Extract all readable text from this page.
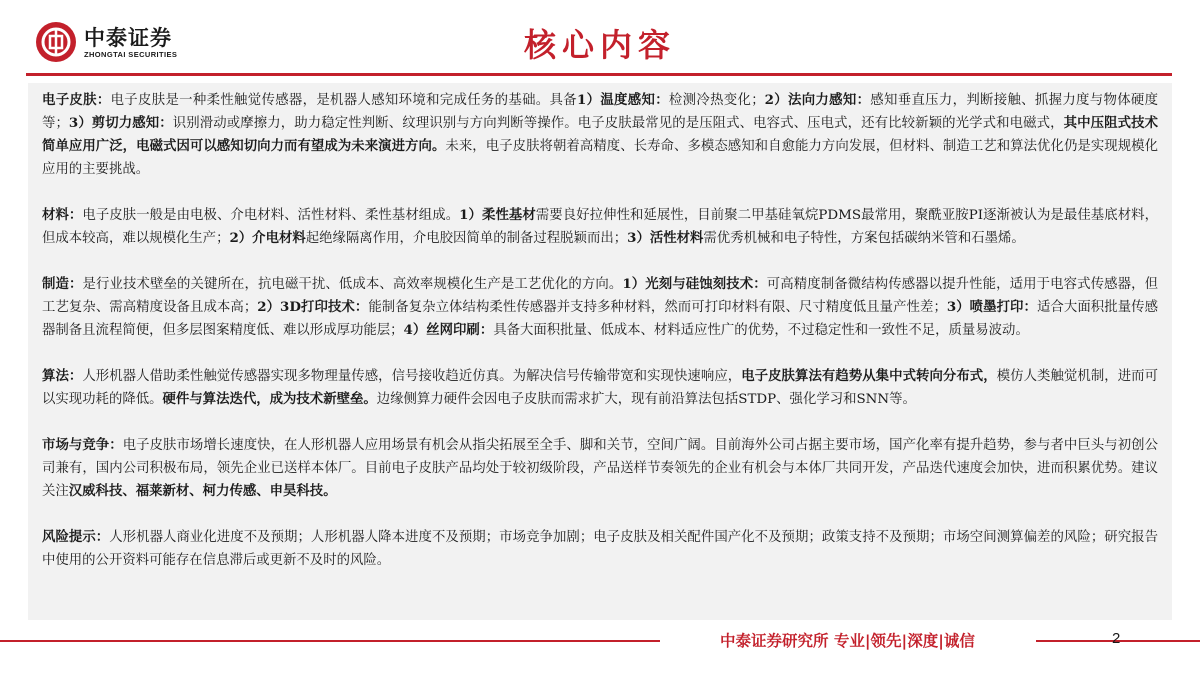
中泰证券
ZHONGTAI SECURITIES	核心内容

电子皮肤：电子皮肤是一种柔性触觉传感器，是机器人感知环境和完成任务的基础。具备1）温度感知：检测冷热变化；2）法向力感知：感知垂直压力，判断接触、抓握力度与物体硬度等；3）剪切力感知：识别滑动或摩擦力，助力稳定性判断、纹理识别与方向判断等操作。电子皮肤最常见的是压阻式、电容式、压电式，还有比较新颖的光学式和电磁式，其中压阻式技术简单应用广泛，电磁式因可以感知切向力而有望成为未来演进方向。未来，电子皮肤将朝着高精度、长寿命、多模态感知和自愈能力方向发展，但材料、制造工艺和算法优化仍是实现规模化应用的主要挑战。

材料：电子皮肤一般是由电极、介电材料、活性材料、柔性基材组成。1）柔性基材需要良好拉伸性和延展性，目前聚二甲基硅氧烷PDMS最常用，聚酰亚胺PI逐渐被认为是最佳基底材料，但成本较高，难以规模化生产；2）介电材料起绝缘隔离作用，介电胶因简单的制备过程脱颖而出；3）活性材料需优秀机械和电子特性，方案包括碳纳米管和石墨烯。

制造：是行业技术壁垒的关键所在，抗电磁干扰、低成本、高效率规模化生产是工艺优化的方向。1）光刻与硅蚀刻技术：可高精度制备微结构传感器以提升性能，适用于电容式传感器，但工艺复杂、需高精度设备且成本高；2）3D打印技术：能制备复杂立体结构柔性传感器并支持多种材料，然而可打印材料有限、尺寸精度低且量产性差；3）喷墨打印：适合大面积批量传感器制备且流程简便，但多层图案精度低、难以形成厚功能层；4）丝网印刷：具备大面积批量、低成本、材料适应性广的优势，不过稳定性和一致性不足，质量易波动。

算法：人形机器人借助柔性触觉传感器实现多物理量传感，信号接收趋近仿真。为解决信号传输带宽和实现快速响应，电子皮肤算法有趋势从集中式转向分布式，模仿人类触觉机制，进而可以实现功耗的降低。硬件与算法迭代，成为技术新壁垒。边缘侧算力硬件会因电子皮肤而需求扩大，现有前沿算法包括STDP、强化学习和SNN等。

市场与竞争：电子皮肤市场增长速度快，在人形机器人应用场景有机会从指尖拓展至全手、脚和关节，空间广阔。目前海外公司占据主要市场，国产化率有提升趋势，参与者中巨头与初创公司兼有，国内公司积极布局，领先企业已送样本体厂。目前电子皮肤产品均处于较初级阶段，产品送样节奏领先的企业有机会与本体厂共同开发，产品迭代速度会加快，进而积累优势。建议关注汉威科技、福莱新材、柯力传感、申昊科技。

风险提示：人形机器人商业化进度不及预期；人形机器人降本进度不及预期；市场竞争加剧；电子皮肤及相关配件国产化不及预期；政策支持不及预期；市场空间测算偏差的风险；研究报告中使用的公开资料可能存在信息滞后或更新不及时的风险。

中泰证券研究所 专业|领先|深度|诚信	2
